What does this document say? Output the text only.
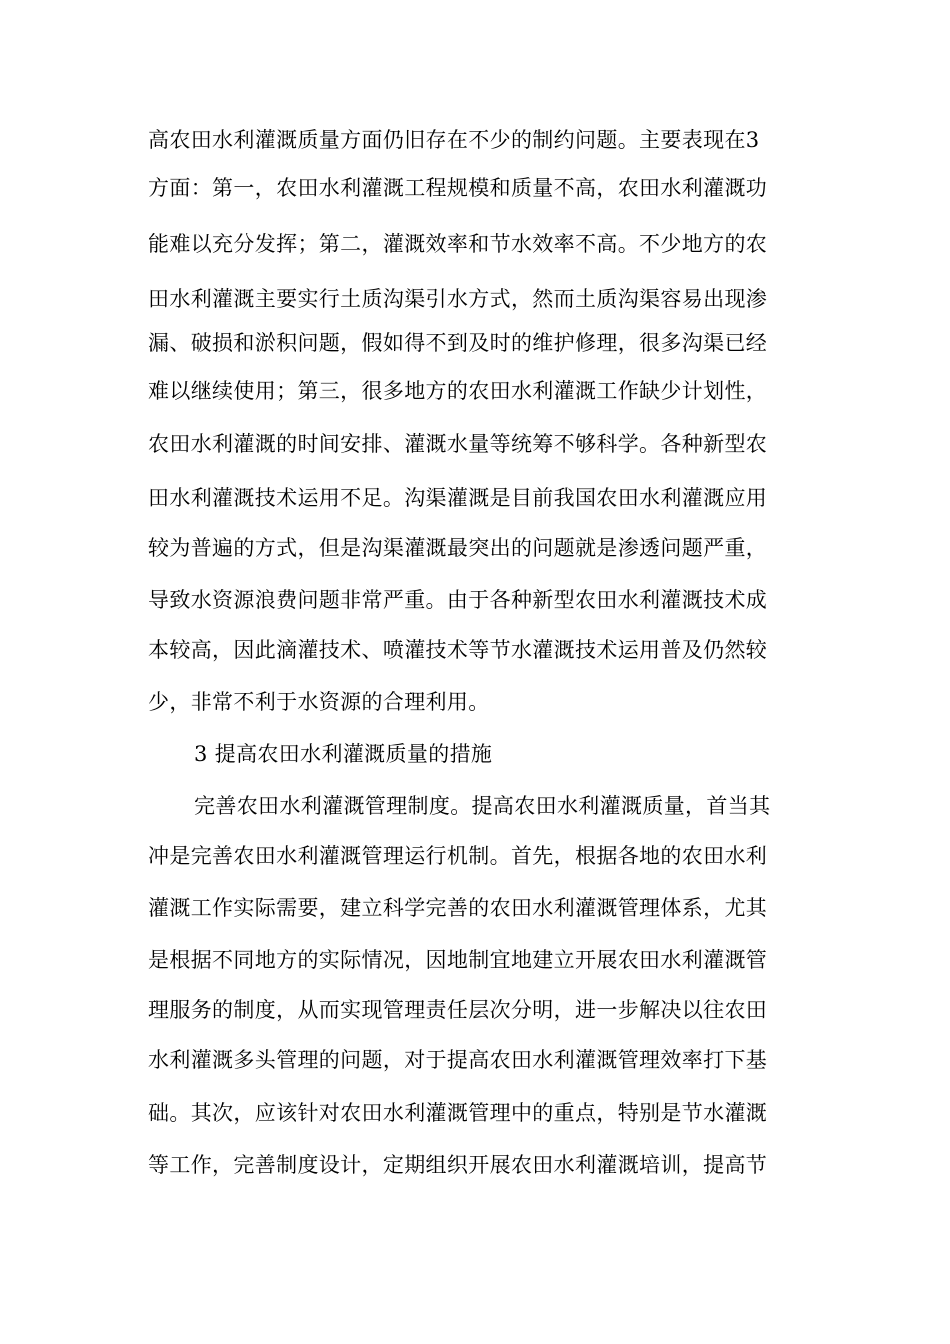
高农田水利灌溉质量方面仍旧存在不少的制约问题。主要表现在3
方面：第一，农田水利灌溉工程规模和质量不高，农田水利灌溉功
能难以充分发挥；第二，灌溉效率和节水效率不高。不少地方的农
田水利灌溉主要实行土质沟渠引水方式，然而土质沟渠容易出现渗
漏、破损和淤积问题，假如得不到及时的维护修理，很多沟渠已经
难以继续使用；第三，很多地方的农田水利灌溉工作缺少计划性，
农田水利灌溉的时间安排、灌溉水量等统筹不够科学。各种新型农
田水利灌溉技术运用不足。沟渠灌溉是目前我国农田水利灌溉应用
较为普遍的方式，但是沟渠灌溉最突出的问题就是渗透问题严重，
导致水资源浪费问题非常严重。由于各种新型农田水利灌溉技术成
本较高，因此滴灌技术、喷灌技术等节水灌溉技术运用普及仍然较
少，非常不利于水资源的合理利用。
3 提高农田水利灌溉质量的措施
完善农田水利灌溉管理制度。提高农田水利灌溉质量，首当其
冲是完善农田水利灌溉管理运行机制。首先，根据各地的农田水利
灌溉工作实际需要，建立科学完善的农田水利灌溉管理体系，尤其
是根据不同地方的实际情况，因地制宜地建立开展农田水利灌溉管
理服务的制度，从而实现管理责任层次分明，进一步解决以往农田
水利灌溉多头管理的问题，对于提高农田水利灌溉管理效率打下基
础。其次，应该针对农田水利灌溉管理中的重点，特别是节水灌溉
等工作，完善制度设计，定期组织开展农田水利灌溉培训，提高节
